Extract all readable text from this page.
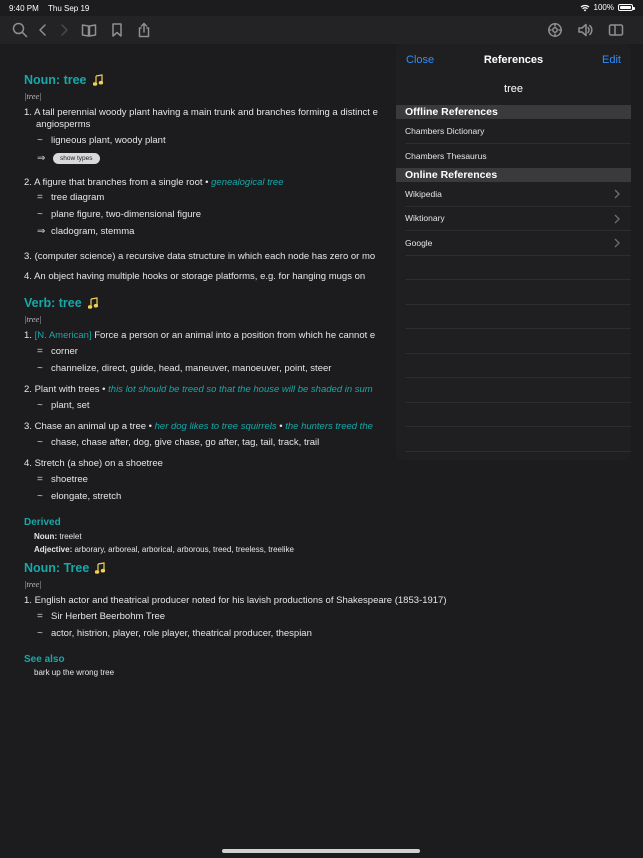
9:40 PM Thu Sep 19	100%
Noun: tree
|tree|
1. A tall perennial woody plant having a main trunk and branches forming a distinct e
angiosperms
~ ligneous plant, woody plant
⇒	show types
2. A figure that branches from a single root • genealogical tree
= tree diagram
~ plane figure, two-dimensional figure
⇒ cladogram, stemma
3. (computer science) a recursive data structure in which each node has zero or mo
4. An object having multiple hooks or storage platforms, e.g. for hanging mugs on
Verb: tree
|tree|
1. [N. American] Force a person or an animal into a position from which he cannot e
= corner
~ channelize, direct, guide, head, maneuver, manoeuver, point, steer
2. Plant with trees • this lot should be treed so that the house will be shaded in sum
~ plant, set
3. Chase an animal up a tree • her dog likes to tree squirrels • the hunters treed the
~ chase, chase after, dog, give chase, go after, tag, tail, track, trail
4. Stretch (a shoe) on a shoetree
= shoetree
~ elongate, stretch
Derived
Noun: treelet
Adjective: arborary, arboreal, arborical, arborous, treed, treeless, treelike
Noun: Tree
|tree|
1. English actor and theatrical producer noted for his lavish productions of Shakespeare (1853-1917)
= Sir Herbert Beerbohm Tree
~ actor, histrion, player, role player, theatrical producer, thespian
See also
bark up the wrong tree
Close	References	Edit
tree
Offline References
Chambers Dictionary
Chambers Thesaurus
Online References
Wikipedia
Wiktionary
Google
